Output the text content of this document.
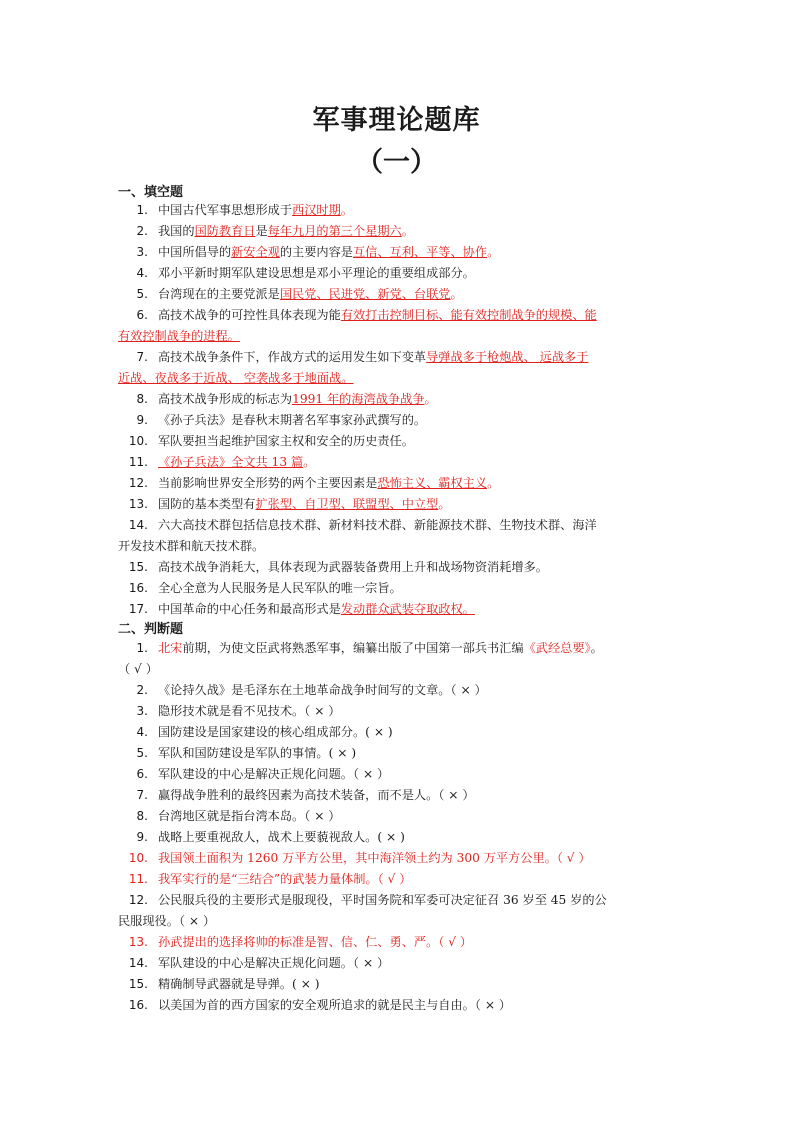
军事理论题库
（一）
一、填空题
1. 中国古代军事思想形成于西汉时期。
2. 我国的国防教育日是每年九月的第三个星期六。
3. 中国所倡导的新安全观的主要内容是互信、互利、平等、协作。
4. 邓小平新时期军队建设思想是邓小平理论的重要组成部分。
5. 台湾现在的主要党派是国民党、民进党、新党、台联党。
6. 高技术战争的可控性具体表现为能有效打击控制目标、能有效控制战争的规模、能
有效控制战争的进程。
7. 高技术战争条件下，作战方式的运用发生如下变革导弹战多于枪炮战、 远战多于
近战、夜战多于近战、 空袭战多于地面战。
8. 高技术战争形成的标志为1991 年的海湾战争战争。
9. 《孙子兵法》是春秋末期著名军事家孙武撰写的。
10. 军队要担当起维护国家主权和安全的历史责任。
11. 《孙子兵法》全文共 13 篇。
12. 当前影响世界安全形势的两个主要因素是恐怖主义、霸权主义。
13. 国防的基本类型有扩张型、自卫型、联盟型、中立型。
14. 六大高技术群包括信息技术群、新材料技术群、新能源技术群、生物技术群、海洋
开发技术群和航天技术群。
15. 高技术战争消耗大，具体表现为武器装备费用上升和战场物资消耗增多。
16. 全心全意为人民服务是人民军队的唯一宗旨。
17. 中国革命的中心任务和最高形式是发动群众武装夺取政权。
二、判断题
1. 北宋前期，为使文臣武将熟悉军事，编纂出版了中国第一部兵书汇编《武经总要》。
（ √ ）
2. 《论持久战》是毛泽东在土地革命战争时间写的文章。（ × ）
3. 隐形技术就是看不见技术。（ × ）
4. 国防建设是国家建设的核心组成部分。( × )
5. 军队和国防建设是军队的事情。( × )
6. 军队建设的中心是解决正规化问题。（ × ）
7. 赢得战争胜利的最终因素为高技术装备，而不是人。（ × ）
8. 台湾地区就是指台湾本岛。（ × ）
9. 战略上要重视敌人，战术上要藐视敌人。( × )
10. 我国领土面积为 1260 万平方公里，其中海洋领土约为 300 万平方公里。（ √ ）
11. 我军实行的是“三结合”的武装力量体制。（ √ ）
12. 公民服兵役的主要形式是服现役，平时国务院和军委可决定征召 36 岁至 45 岁的公
民服现役。（ × ）
13. 孙武提出的选择将帅的标准是智、信、仁、勇、严。（ √ ）
14. 军队建设的中心是解决正规化问题。（ × ）
15. 精确制导武器就是导弹。( × )
16. 以美国为首的西方国家的安全观所追求的就是民主与自由。（ × ）
